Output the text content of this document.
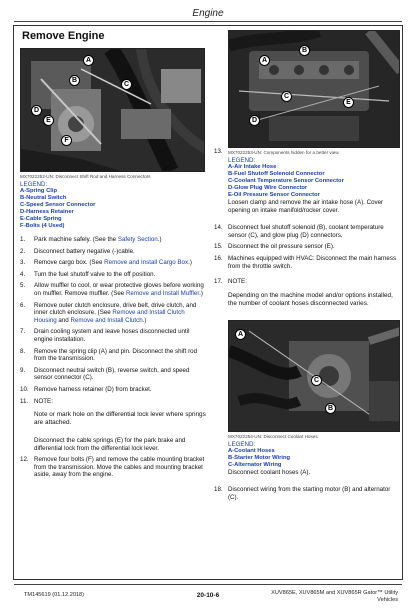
Engine
Remove Engine
A
B
C
D
E
F
MX7022252-UN: Disconnect Shift Rod and Harness Connectors
LEGEND:
A-Spring Clip
B-Neutral Switch
C-Speed Sensor Connector
D-Harness Retainer
E-Cable Spring
F-Bolts (4 Used)
1.	Park machine safely. (See the Safety Section.)
2.	Disconnect battery negative (-)cable.
3.	Remove cargo box. (See Remove and Install Cargo Box.)
4.	Turn the fuel shutoff valve to the off position.
5.	Allow muffler to cool, or wear protective gloves before working on muffler. Remove muffler. (See Remove and Install Muffler.)
6.	Remove outer clutch enclosure, drive belt, drive clutch, and inner clutch enclosure. (See Remove and Install Clutch Housing and Remove and Install Clutch.)
7.	Drain cooling system and leave hoses disconnected until engine installation.
8.	Remove the spring clip (A) and pin. Disconnect the shift rod from the transmission.
9.	Disconnect neutral switch (B), reverse switch, and speed sensor connector (C).
10. Remove harness retainer (D) from bracket.
11. NOTE:
Note or mark hole on the differential lock lever where springs are attached.
Disconnect the cable springs (E) for the park brake and differential lock from the differential lock lever.
12. Remove four bolts (F) and remove the cable mounting bracket from the transmission. Move the cables and mounting bracket aside, away from the engine.
13.
A
B
C
D
E
MX7022253-UN: Components hidden for a better view.
LEGEND:
A-Air Intake Hose
B-Fuel Shutoff Solenoid Connector
C-Coolant Temperature Sensor Connector
D-Glow Plug Wire Connector
E-Oil Pressure Sensor Connector
Loosen clamp and remove the air intake hose (A). Cover opening on intake manifold/rocker cover.
14. Disconnect fuel shutoff solenoid (B), coolant temperature sensor (C), and glow plug (D) connectors.
15. Disconnect the oil pressure sensor (E).
16. Machines equipped with HVAC: Disconnect the main harness from the throttle switch.
17. NOTE:
Depending on the machine model and/or options installed, the number of coolant hoses disconnected varies.
A
B
C
MX7022254-UN: Disconnect Coolant Hoses
LEGEND:
A-Coolant Hoses
B-Starter Motor Wiring
C-Alternator Wiring
Disconnect coolant hoses (A).
18. Disconnect wiring from the starting motor (B) and alternator (C).
TM145619 (01.12.2018)	20-10-6	XUV865E, XUV865M and XUV865R Gator™ Utility
Vehicles
